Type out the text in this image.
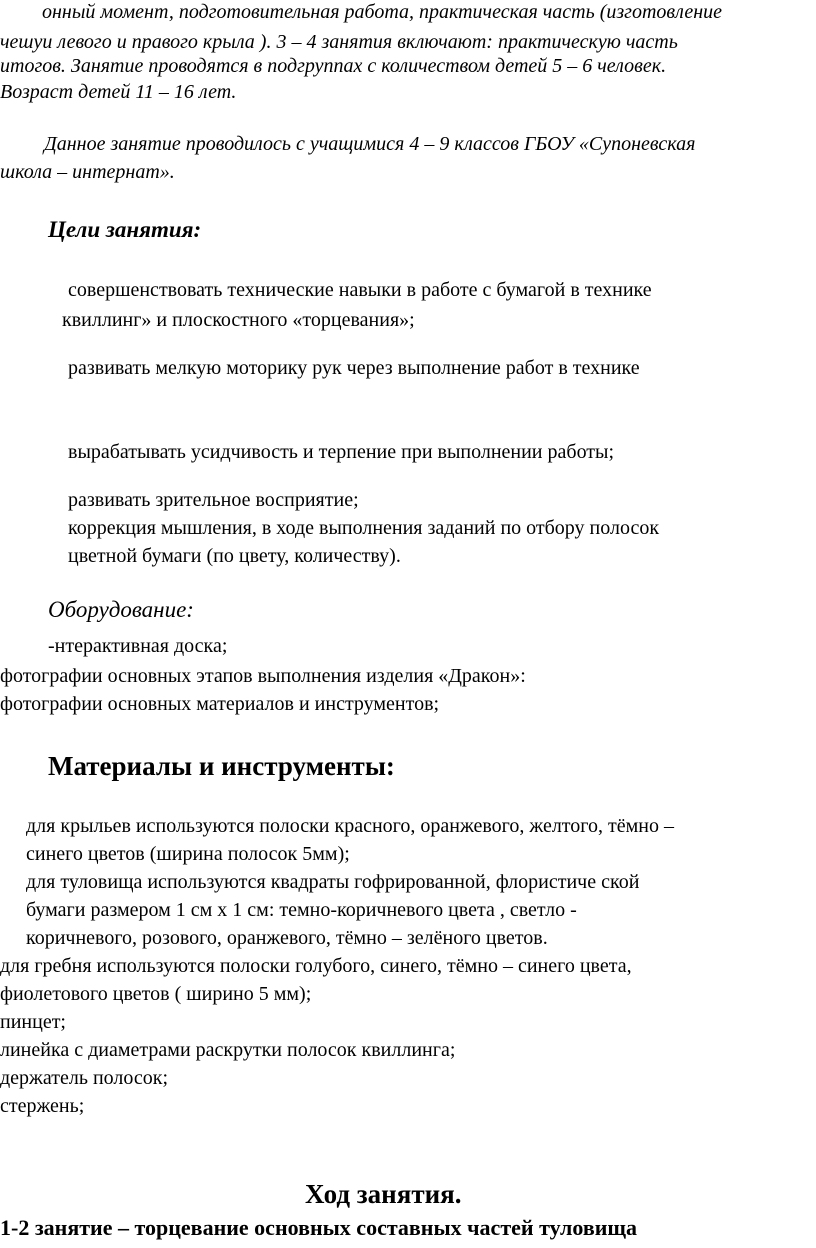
онный момент, подготовительная работа, практическая часть (изготовление
чешуи левого и правого крыла ). 3 – 4 занятия включают: практическую часть
итогов. Занятие проводятся в подгруппах с количеством детей 5 – 6 человек.
Возраст детей 11 – 16 лет.
Данное занятие проводилось с учащимися 4 – 9 классов ГБОУ «Супоневская
школа – интернат».
Цели занятия:
совершенствовать технические навыки в работе с бумагой в технике
квиллинг» и плоскостного «торцевания»;
развивать мелкую моторику рук через выполнение работ в технике
вырабатывать усидчивость и терпение при выполнении работы;
развивать зрительное восприятие;
коррекция мышления, в ходе выполнения заданий по отбору полосок
цветной бумаги (по цвету, количеству).
Оборудование:
-нтерактивная доска;
фотографии основных этапов выполнения изделия «Дракон»:
фотографии основных материалов и инструментов;
Материалы и инструменты:
для крыльев используются полоски красного, оранжевого, желтого, тёмно –
синего цветов (ширина полосок 5мм);
для туловища используются квадраты гофрированной, флористиче ской
бумаги размером 1 см х 1 см: темно-коричневого цвета , светло -
коричневого, розового, оранжевого, тёмно – зелёного цветов.
для гребня используются полоски голубого, синего, тёмно – синего цвета,
фиолетового цветов ( ширино 5 мм);
пинцет;
линейка с диаметрами раскрутки полосок квиллинга;
держатель полосок;
стержень;
Ход занятия.
1-2 занятие – торцевание основных составных частей туловища
